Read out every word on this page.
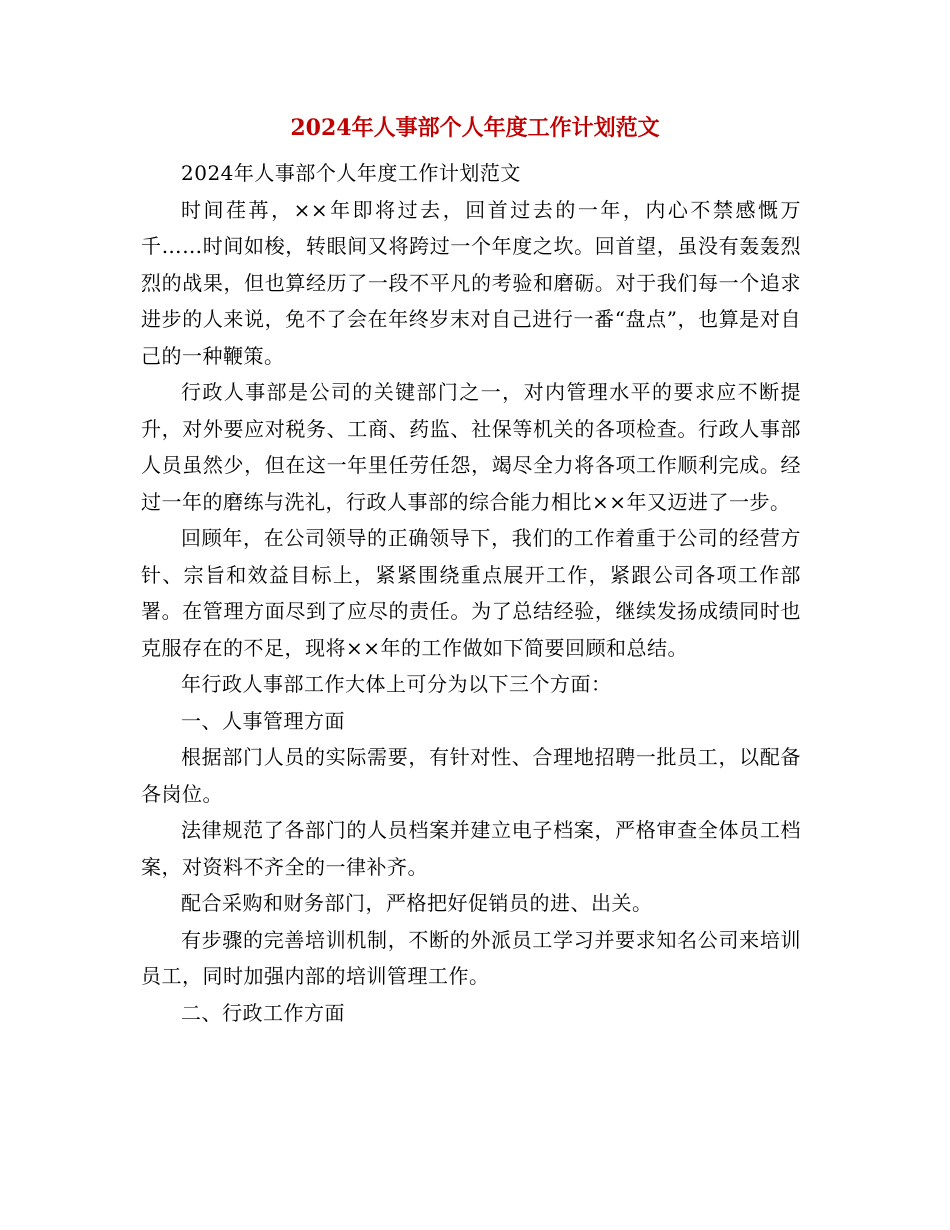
2024年人事部个人年度工作计划范文

2024年人事部个人年度工作计划范文

时间荏苒，××年即将过去，回首过去的一年，内心不禁感慨万千……时间如梭，转眼间又将跨过一个年度之坎。回首望，虽没有轰轰烈烈的战果，但也算经历了一段不平凡的考验和磨砺。对于我们每一个追求进步的人来说，免不了会在年终岁末对自己进行一番“盘点”，也算是对自己的一种鞭策。

行政人事部是公司的关键部门之一，对内管理水平的要求应不断提升，对外要应对税务、工商、药监、社保等机关的各项检查。行政人事部人员虽然少，但在这一年里任劳任怨，竭尽全力将各项工作顺利完成。经过一年的磨练与洗礼，行政人事部的综合能力相比××年又迈进了一步。

回顾年，在公司领导的正确领导下，我们的工作着重于公司的经营方针、宗旨和效益目标上，紧紧围绕重点展开工作，紧跟公司各项工作部署。在管理方面尽到了应尽的责任。为了总结经验，继续发扬成绩同时也克服存在的不足，现将××年的工作做如下简要回顾和总结。

年行政人事部工作大体上可分为以下三个方面：

一、人事管理方面

根据部门人员的实际需要，有针对性、合理地招聘一批员工，以配备各岗位。

法律规范了各部门的人员档案并建立电子档案，严格审查全体员工档案，对资料不齐全的一律补齐。

配合采购和财务部门，严格把好促销员的进、出关。

有步骤的完善培训机制，不断的外派员工学习并要求知名公司来培训员工，同时加强内部的培训管理工作。

二、行政工作方面
